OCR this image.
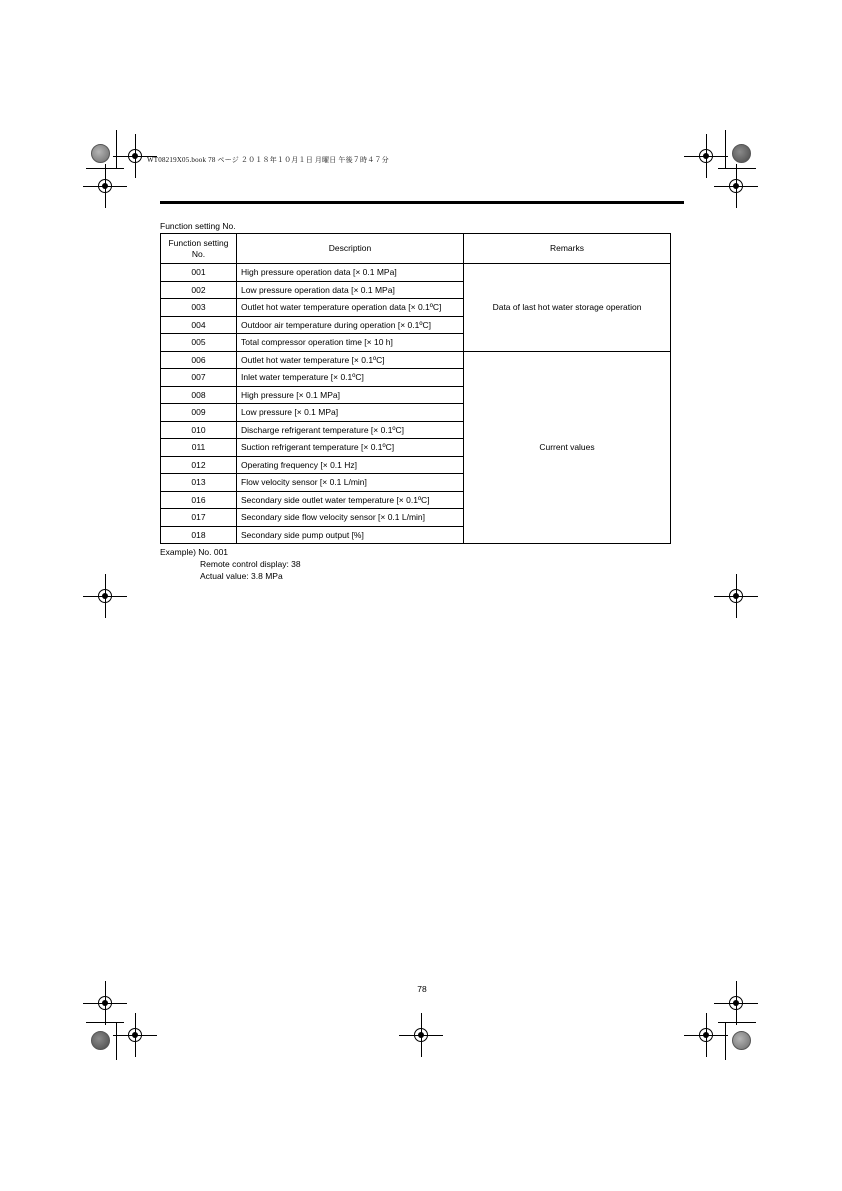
WT08219X05.book 78 ページ ２０１８年１０月１日 月曜日 午後７時４７分
Function setting No.
Function setting No.	Description	Remarks
001	High pressure operation data [× 0.1 MPa]	Data of last hot water storage operation
002	Low pressure operation data [× 0.1 MPa]	
003	Outlet hot water temperature operation data [× 0.1ºC]	
004	Outdoor air temperature during operation [× 0.1ºC]	
005	Total compressor operation time [× 10 h]	
006	Outlet hot water temperature [× 0.1ºC]	Current values
007	Inlet water temperature [× 0.1ºC]	
008	High pressure [× 0.1 MPa]	
009	Low pressure [× 0.1 MPa]	
010	Discharge refrigerant temperature [× 0.1ºC]	
011	Suction refrigerant temperature [× 0.1ºC]	
012	Operating frequency [× 0.1 Hz]	
013	Flow velocity sensor [× 0.1 L/min]	
016	Secondary side outlet water temperature [× 0.1ºC]	
017	Secondary side flow velocity sensor [× 0.1 L/min]	
018	Secondary side pump output [%]	
Example) No. 001
Remote control display: 38
Actual value: 3.8 MPa
78
